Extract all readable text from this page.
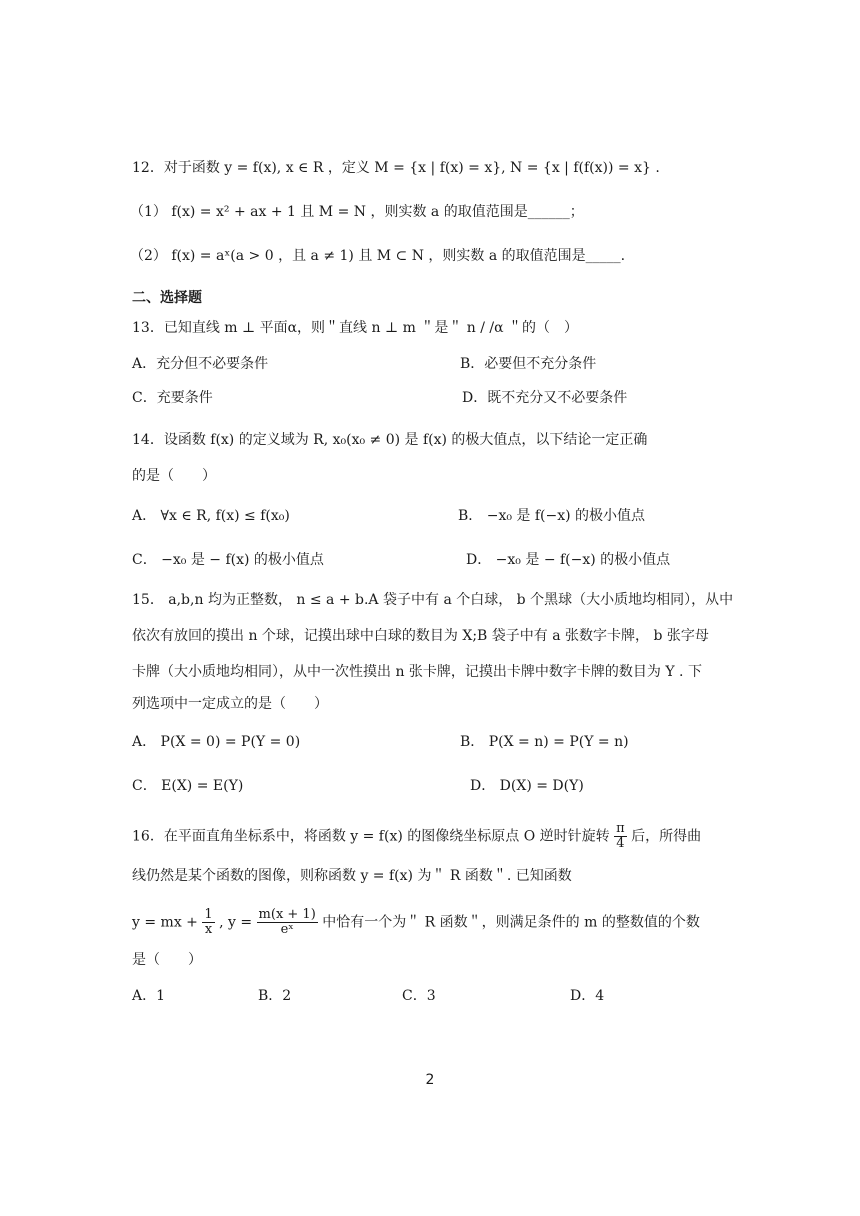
12．对于函数 y = f(x), x ∈ R ，定义 M = {x | f(x) = x}, N = {x | f(f(x)) = x} .
（1） f(x) = x² + ax + 1 且 M = N ，则实数 a 的取值范围是______；
（2） f(x) = aˣ(a > 0 ，且 a ≠ 1) 且 M ⊂ N ，则实数 a 的取值范围是_____.
二、选择题
13．已知直线 m ⊥ 平面α，则＂直线 n ⊥ m ＂是＂ n / /α ＂的（　）
A．充分但不必要条件	B．必要但不充分条件
C．充要条件	D．既不充分又不必要条件
14．设函数 f(x) 的定义域为 R, x₀(x₀ ≠ 0) 是 f(x) 的极大值点，以下结论一定正确
的是（　　）
A． ∀x ∈ R, f(x) ≤ f(x₀)	B． −x₀ 是 f(−x) 的极小值点
C． −x₀ 是 − f(x) 的极小值点	D． −x₀ 是 − f(−x) 的极小值点
15． a,b,n 均为正整数， n ≤ a + b.A 袋子中有 a 个白球， b 个黑球（大小质地均相同），从中
依次有放回的摸出 n 个球，记摸出球中白球的数目为 X;B 袋子中有 a 张数字卡牌， b 张字母
卡牌（大小质地均相同），从中一次性摸出 n 张卡牌，记摸出卡牌中数字卡牌的数目为 Y . 下
列选项中一定成立的是（　　）
A． P(X = 0) = P(Y = 0)	B． P(X = n) = P(Y = n)
C． E(X) = E(Y)	D． D(X) = D(Y)
16．在平面直角坐标系中，将函数 y = f(x) 的图像绕坐标原点 O 逆时针旋转 $\frac{\pi}{4}$ 后，所得曲
线仍然是某个函数的图像，则称函数 y = f(x) 为＂ R 函数＂. 已知函数
y = mx + $\frac{1}{x}$ , $y = \frac{m(x + 1)}{\text{eˣ}}$ 中恰有一个为＂ R 函数＂，则满足条件的 m 的整数值的个数
是（　　）
A．1	B．2	C．3	D．4
2
